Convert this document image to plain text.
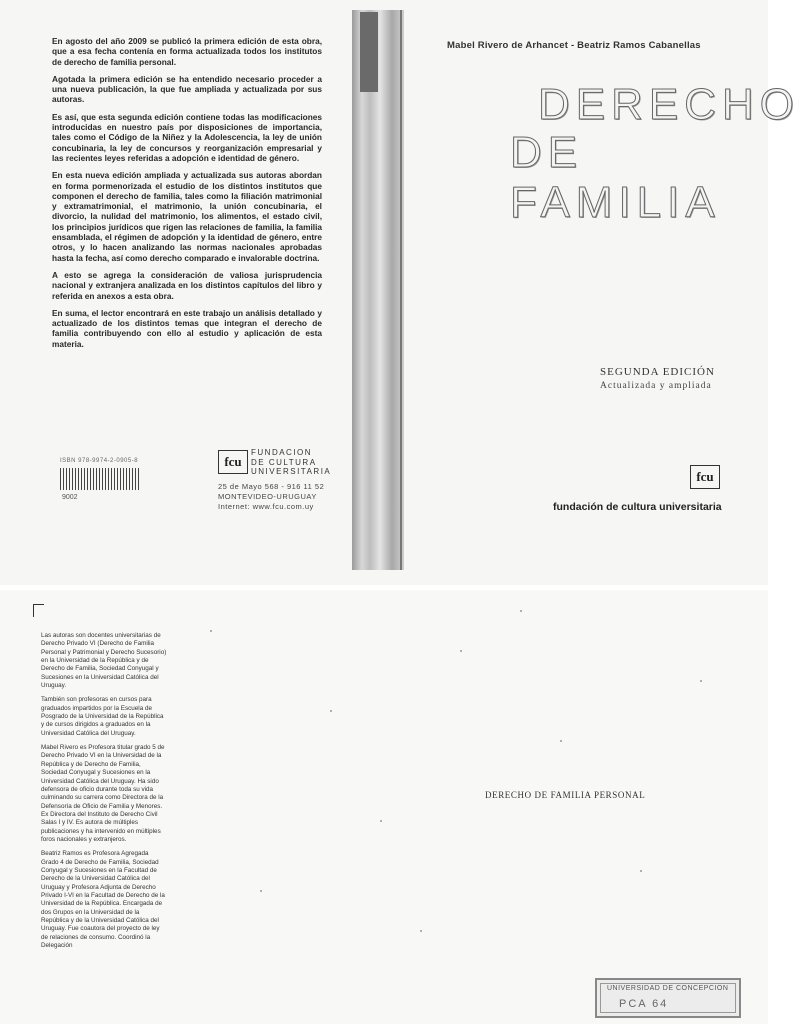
En agosto del año 2009 se publicó la primera edición de esta obra, que a esa fecha contenía en forma actualizada todos los institutos de derecho de familia personal.

Agotada la primera edición se ha entendido necesario proceder a una nueva publicación, la que fue ampliada y actualizada por sus autoras.

Es así, que esta segunda edición contiene todas las modificaciones introducidas en nuestro país por disposiciones de importancia, tales como el Código de la Niñez y la Adolescencia, la ley de unión concubinaria, la ley de concursos y reorganización empresarial y las recientes leyes referidas a adopción e identidad de género.

En esta nueva edición ampliada y actualizada sus autoras abordan en forma pormenorizada el estudio de los distintos institutos que componen el derecho de familia, tales como la filiación matrimonial y extramatrimonial, el matrimonio, la unión concubinaria, el divorcio, la nulidad del matrimonio, los alimentos, el estado civil, los principios jurídicos que rigen las relaciones de familia, la familia ensamblada, el régimen de adopción y la identidad de género, entre otros, y lo hacen analizando las normas nacionales aprobadas hasta la fecha, así como derecho comparado e invalorable doctrina.

A esto se agrega la consideración de valiosa jurisprudencia nacional y extranjera analizada en los distintos capítulos del libro y referida en anexos a esta obra.

En suma, el lector encontrará en este trabajo un análisis detallado y actualizado de los distintos temas que integran el derecho de familia contribuyendo con ello al estudio y aplicación de esta materia.

ISBN 978-9974-2-0905-8
9002
fcu
FUNDACION
DE CULTURA
UNIVERSITARIA
25 de Mayo 568 - 916 11 52
MONTEVIDEO-URUGUAY
Internet: www.fcu.com.uy
Mabel Rivero de Arhancet - Beatriz Ramos Cabanellas
DERECHO
DE FAMILIA
SEGUNDA EDICIÓN
Actualizada y ampliada
fcu
fundación de cultura universitaria

Las autoras son docentes universitarias de Derecho Privado VI (Derecho de Familia Personal y Patrimonial y Derecho Sucesorio) en la Universidad de la República y de Derecho de Familia, Sociedad Conyugal y Sucesiones en la Universidad Católica del Uruguay.

También son profesoras en cursos para graduados impartidos por la Escuela de Posgrado de la Universidad de la República y de cursos dirigidos a graduados en la Universidad Católica del Uruguay.

Mabel Rivero es Profesora titular grado 5 de Derecho Privado VI en la Universidad de la República y de Derecho de Familia, Sociedad Conyugal y Sucesiones en la Universidad Católica del Uruguay. Ha sido defensora de oficio durante toda su vida culminando su carrera como Directora de la Defensoría de Oficio de Familia y Menores. Ex Directora del Instituto de Derecho Civil Salas I y IV. Es autora de múltiples publicaciones y ha intervenido en múltiples foros nacionales y extranjeros.

Beatriz Ramos es Profesora Agregada Grado 4 de Derecho de Familia, Sociedad Conyugal y Sucesiones en la Facultad de Derecho de la Universidad Católica del Uruguay y Profesora Adjunta de Derecho Privado I-VI en la Facultad de Derecho de la Universidad de la República. Encargada de dos Grupos en la Universidad de la República y de la Universidad Católica del Uruguay. Fue coautora del proyecto de ley de relaciones de consumo. Coordinó la Delegación

DERECHO DE FAMILIA PERSONAL
UNIVERSIDAD DE CONCEPCION
PCA 64
